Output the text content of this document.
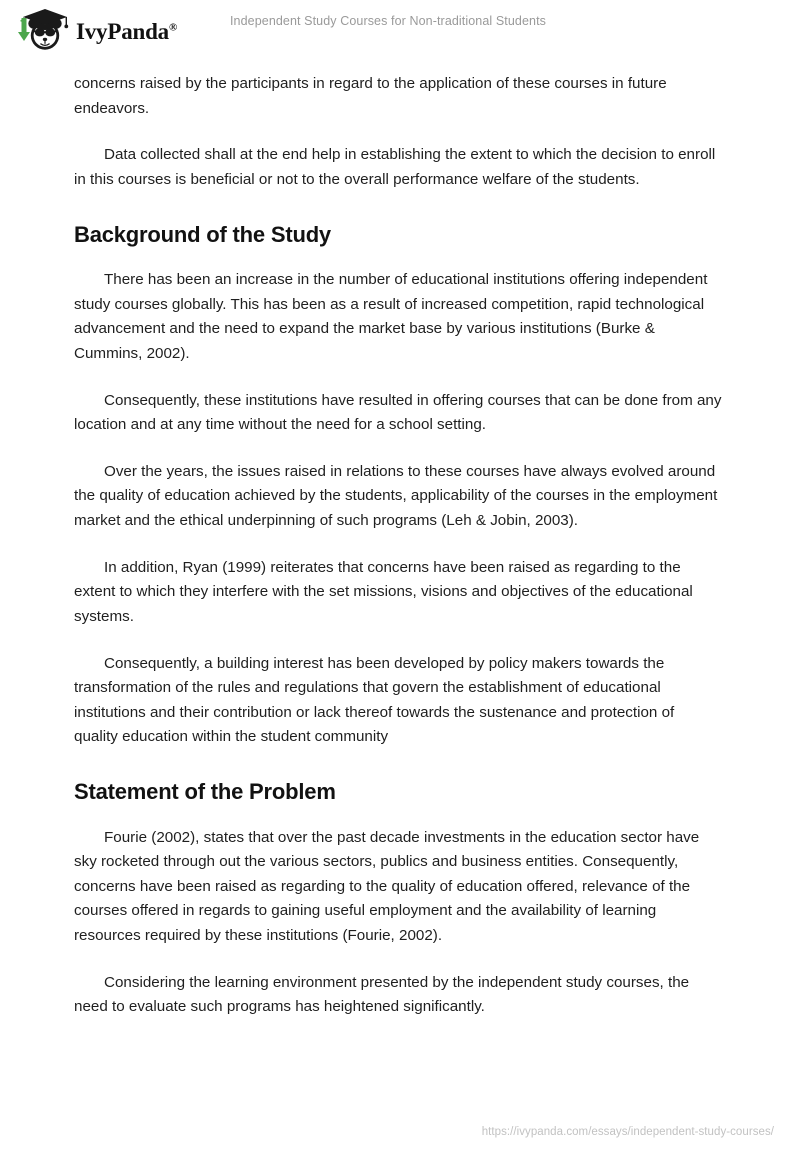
IvyPanda®	Independent Study Courses for Non-traditional Students

concerns raised by the participants in regard to the application of these courses in future endeavors.

Data collected shall at the end help in establishing the extent to which the decision to enroll in this courses is beneficial or not to the overall performance welfare of the students.

Background of the Study

There has been an increase in the number of educational institutions offering independent study courses globally. This has been as a result of increased competition, rapid technological advancement and the need to expand the market base by various institutions (Burke & Cummins, 2002).

Consequently, these institutions have resulted in offering courses that can be done from any location and at any time without the need for a school setting.

Over the years, the issues raised in relations to these courses have always evolved around the quality of education achieved by the students, applicability of the courses in the employment market and the ethical underpinning of such programs (Leh & Jobin, 2003).

In addition, Ryan (1999) reiterates that concerns have been raised as regarding to the extent to which they interfere with the set missions, visions and objectives of the educational systems.

Consequently, a building interest has been developed by policy makers towards the transformation of the rules and regulations that govern the establishment of educational institutions and their contribution or lack thereof towards the sustenance and protection of quality education within the student community

Statement of the Problem

Fourie (2002), states that over the past decade investments in the education sector have sky rocketed through out the various sectors, publics and business entities. Consequently, concerns have been raised as regarding to the quality of education offered, relevance of the courses offered in regards to gaining useful employment and the availability of learning resources required by these institutions (Fourie, 2002).

Considering the learning environment presented by the independent study courses, the need to evaluate such programs has heightened significantly.

https://ivypanda.com/essays/independent-study-courses/
